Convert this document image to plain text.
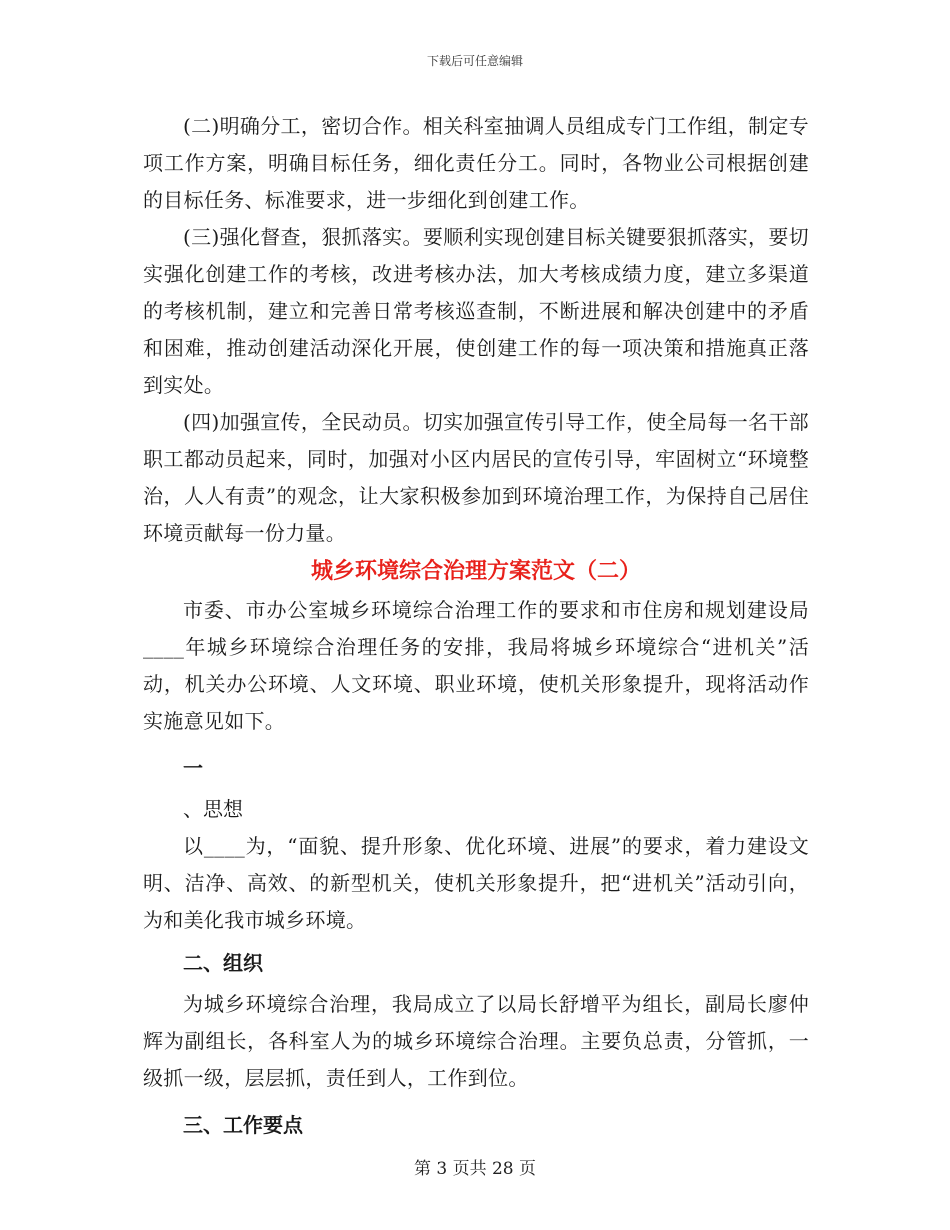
下载后可任意编辑

(二)明确分工，密切合作。相关科室抽调人员组成专门工作组，制定专项工作方案，明确目标任务，细化责任分工。同时，各物业公司根据创建的目标任务、标准要求，进一步细化到创建工作。

(三)强化督查，狠抓落实。要顺利实现创建目标关键要狠抓落实，要切实强化创建工作的考核，改进考核办法，加大考核成绩力度，建立多渠道的考核机制，建立和完善日常考核巡查制，不断进展和解决创建中的矛盾和困难，推动创建活动深化开展，使创建工作的每一项决策和措施真正落到实处。

(四)加强宣传，全民动员。切实加强宣传引导工作，使全局每一名干部职工都动员起来，同时，加强对小区内居民的宣传引导，牢固树立“环境整治，人人有责”的观念，让大家积极参加到环境治理工作，为保持自己居住环境贡献每一份力量。

城乡环境综合治理方案范文（二）

市委、市办公室城乡环境综合治理工作的要求和市住房和规划建设局____年城乡环境综合治理任务的安排，我局将城乡环境综合“进机关”活动，机关办公环境、人文环境、职业环境，使机关形象提升，现将活动作实施意见如下。

一

、思想

以____为，“面貌、提升形象、优化环境、进展”的要求，着力建设文明、洁净、高效、的新型机关，使机关形象提升，把“进机关”活动引向，为和美化我市城乡环境。

二、组织

为城乡环境综合治理，我局成立了以局长舒增平为组长，副局长廖仲辉为副组长，各科室人为的城乡环境综合治理。主要负总责，分管抓，一级抓一级，层层抓，责任到人，工作到位。

三、工作要点

第 3 页共 28 页
